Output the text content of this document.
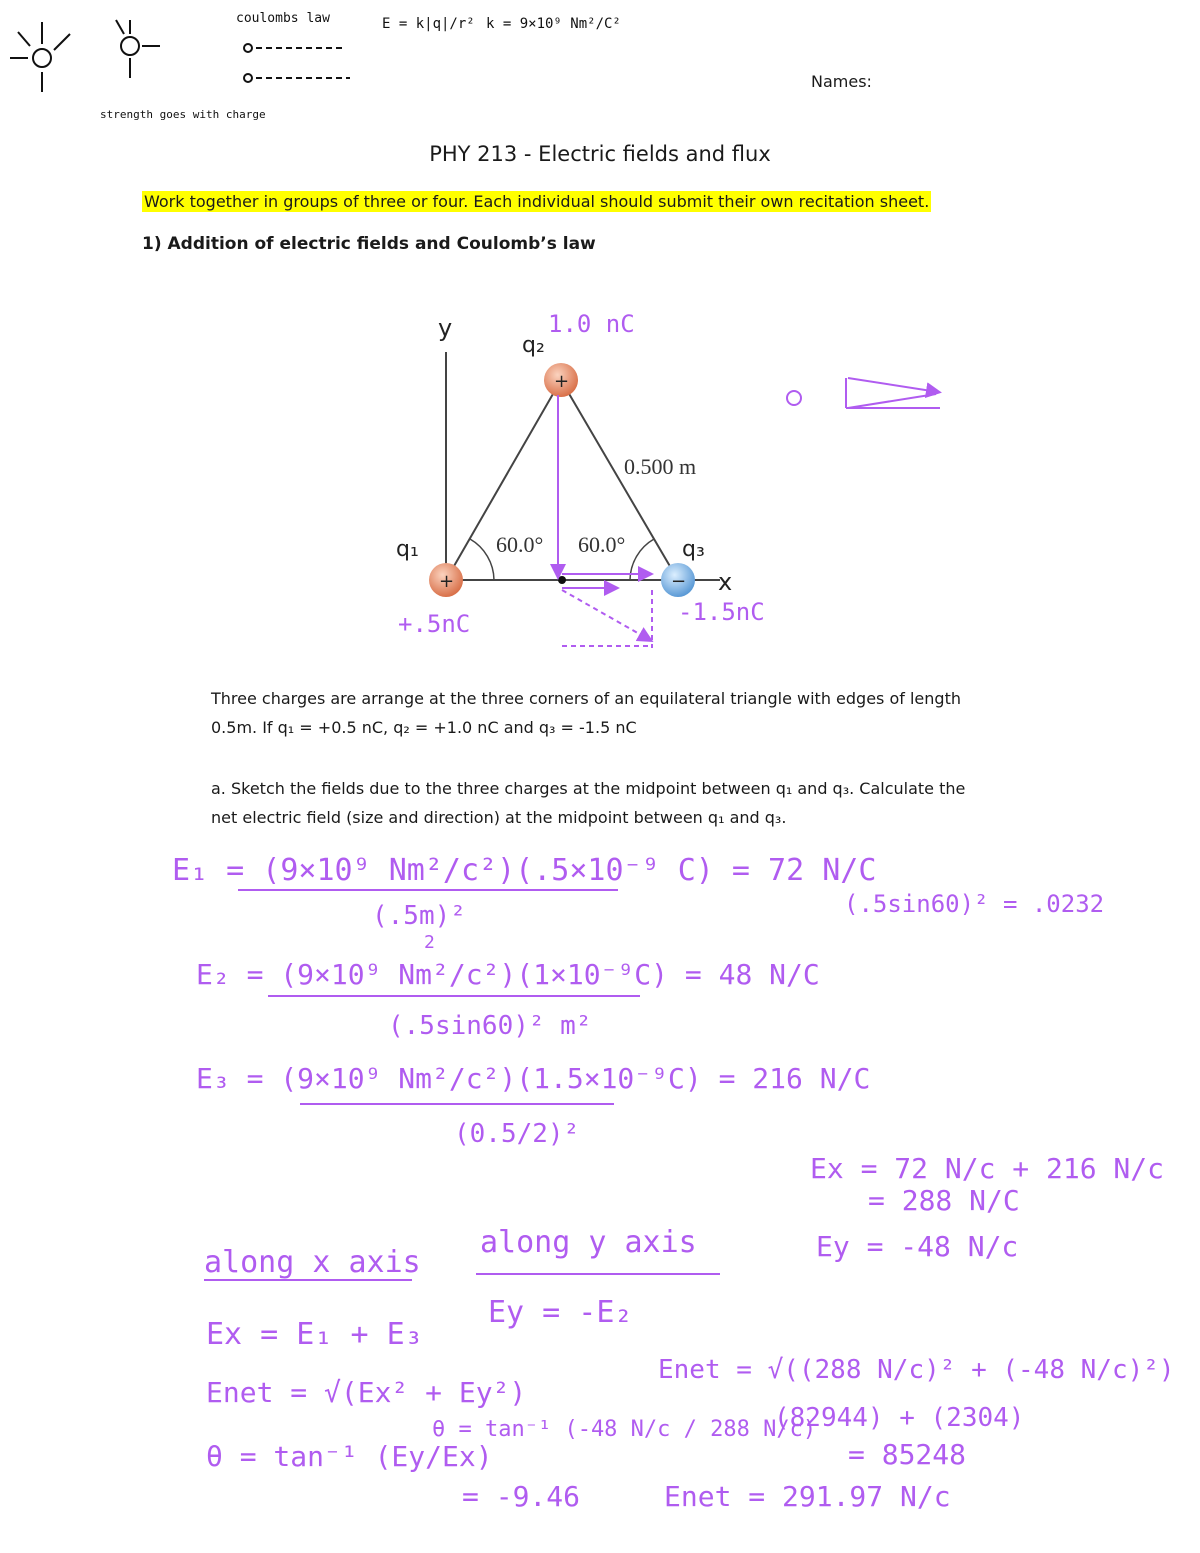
Names:
PHY 213 - Electric fields and flux
Work together in groups of three or four. Each individual should submit their own recitation sheet.
1) Addition of electric fields and Coulomb’s law
Three charges are arrange at the three corners of an equilateral triangle with edges of length
0.5m. If q₁ = +0.5 nC, q₂ = +1.0 nC and q₃ = -1.5 nC
a. Sketch the fields due to the three charges at the midpoint between q₁ and q₃. Calculate the
net electric field (size and direction) at the midpoint between q₁ and q₃.
coulombs law	E = k|q|/r² k = 9×10⁹ Nm²/C²
strength goes with charge
y
x
60.0° 60.0°
0.500 m
+
+
−
q₁
q₂
q₃
1.0 nC
+.5nC	-1.5nC
E₁ = (9×10⁹ Nm²/c²)(.5×10⁻⁹ C) = 72 N/C
(.5m)²
2
(.5sin60)² = .0232
E₂ = (9×10⁹ Nm²/c²)(1×10⁻⁹C) = 48 N/C
(.5sin60)² m²
E₃ = (9×10⁹ Nm²/c²)(1.5×10⁻⁹C) = 216 N/C
(0.5/2)²
Ex = 72 N/c + 216 N/c
= 288 N/C
Ey = -48 N/c
along x axis
along y axis
Ex = E₁ + E₃
Ey = -E₂
Enet = √(Ex² + Ey²)
θ = tan⁻¹ (Ey/Ex)
θ = tan⁻¹ (-48 N/c / 288 N/c)
= -9.46
Enet = √((288 N/c)² + (-48 N/c)²)
(82944) + (2304)
= 85248
Enet = 291.97 N/c
